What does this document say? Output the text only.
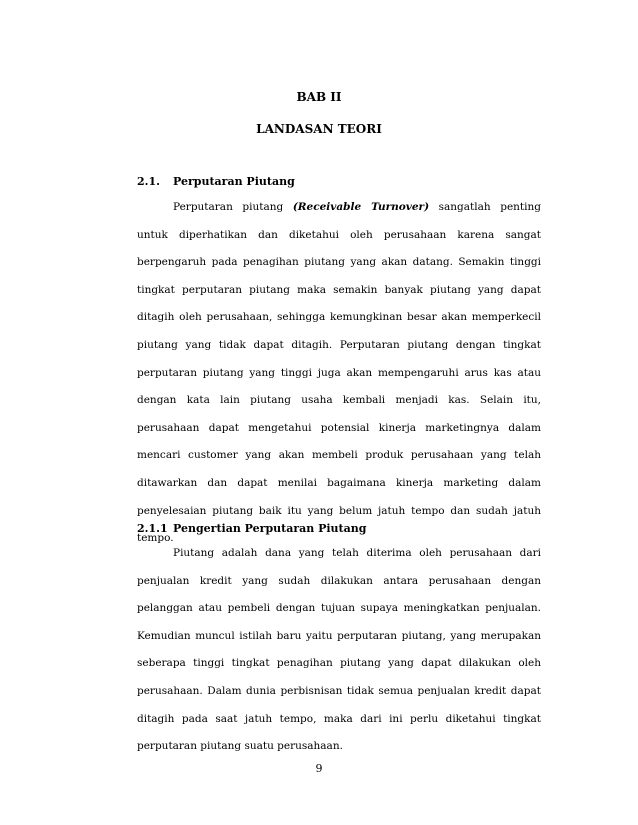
BAB II
LANDASAN TEORI
2.1. Perputaran Piutang

Perputaran piutang (Receivable Turnover) sangatlah penting untuk diperhatikan dan diketahui oleh perusahaan karena sangat berpengaruh pada penagihan piutang yang akan datang. Semakin tinggi tingkat perputaran piutang maka semakin banyak piutang yang dapat ditagih oleh perusahaan, sehingga kemungkinan besar akan memperkecil piutang yang tidak dapat ditagih. Perputaran piutang dengan tingkat perputaran piutang yang tinggi juga akan mempengaruhi arus kas atau dengan kata lain piutang usaha kembali menjadi kas. Selain itu, perusahaan dapat mengetahui potensial kinerja marketingnya dalam mencari customer yang akan membeli produk perusahaan yang telah ditawarkan dan dapat menilai bagaimana kinerja marketing dalam penyelesaian piutang baik itu yang belum jatuh tempo dan sudah jatuh tempo.

2.1.1 Pengertian Perputaran Piutang

Piutang adalah dana yang telah diterima oleh perusahaan dari penjualan kredit yang sudah dilakukan antara perusahaan dengan pelanggan atau pembeli dengan tujuan supaya meningkatkan penjualan. Kemudian muncul istilah baru yaitu perputaran piutang, yang merupakan seberapa tinggi tingkat penagihan piutang yang dapat dilakukan oleh perusahaan. Dalam dunia perbisnisan tidak semua penjualan kredit dapat ditagih pada saat jatuh tempo, maka dari ini perlu diketahui tingkat perputaran piutang suatu perusahaan.

9
